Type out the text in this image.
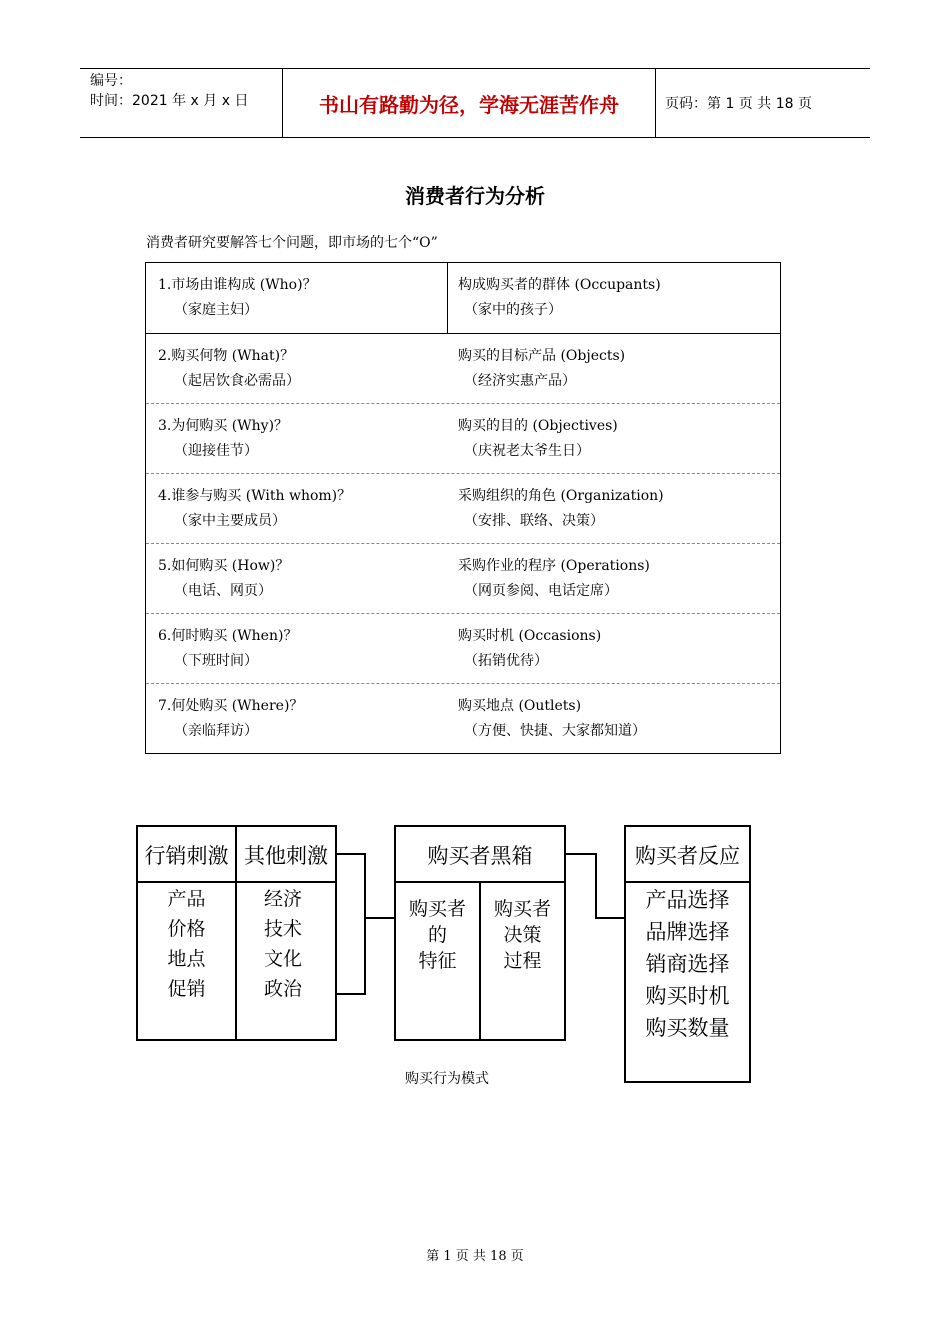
编号：
时间：2021 年 x 月 x 日	书山有路勤为径，学海无涯苦作舟	页码：第 1 页 共 18 页
消费者行为分析
消费者研究要解答七个问题，即市场的七个“O”
1.市场由谁构成 (Who)？
（家庭主妇）
构成购买者的群体 (Occupants)
（家中的孩子）
2.购买何物 (What)？
（起居饮食必需品）
购买的目标产品 (Objects)
（经济实惠产品）
3.为何购买 (Why)？
（迎接佳节）
购买的目的 (Objectives)
（庆祝老太爷生日）
4.谁参与购买 (With whom)？
（家中主要成员）
采购组织的角色 (Organization)
（安排、联络、决策）
5.如何购买 (How)？
（电话、网页）
采购作业的程序 (Operations)
（网页参阅、电话定席）
6.何时购买 (When)？
（下班时间）
购买时机 (Occasions)
（拓销优待）
7.何处购买 (Where)？
（亲临拜访）
购买地点 (Outlets)
（方便、快捷、大家都知道）
行销刺激 其他刺激
产品
价格
地点
促销
经济
技术
文化
政治
购买者黑箱
购买者
的
特征
购买者
决策
过程
购买者反应
产品选择
品牌选择
销商选择
购买时机
购买数量
购买行为模式
第 1 页 共 18 页
